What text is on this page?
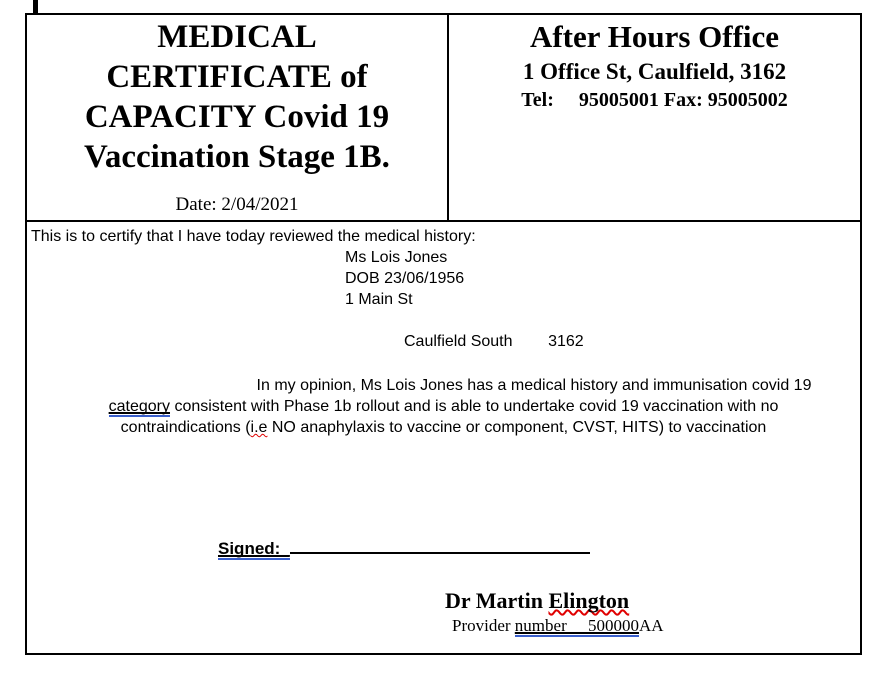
MEDICAL
CERTIFICATE of
CAPACITY Covid 19
Vaccination Stage 1B.
Date: 2/04/2021
After Hours Office
1 Office St, Caulfield, 3162
Tel:     95005001 Fax: 95005002
This is to certify that I have today reviewed the medical history:
Ms Lois Jones
DOB 23/06/1956
1 Main St
Caulfield South        3162
In my opinion, Ms Lois Jones has a medical history and immunisation covid 19
category consistent with Phase 1b rollout and is able to undertake covid 19 vaccination with no
contraindications (i.e NO anaphylaxis to vaccine or component, CVST, HITS) to vaccination
Signed:_
Dr Martin Elington
Provider number     500000AA
